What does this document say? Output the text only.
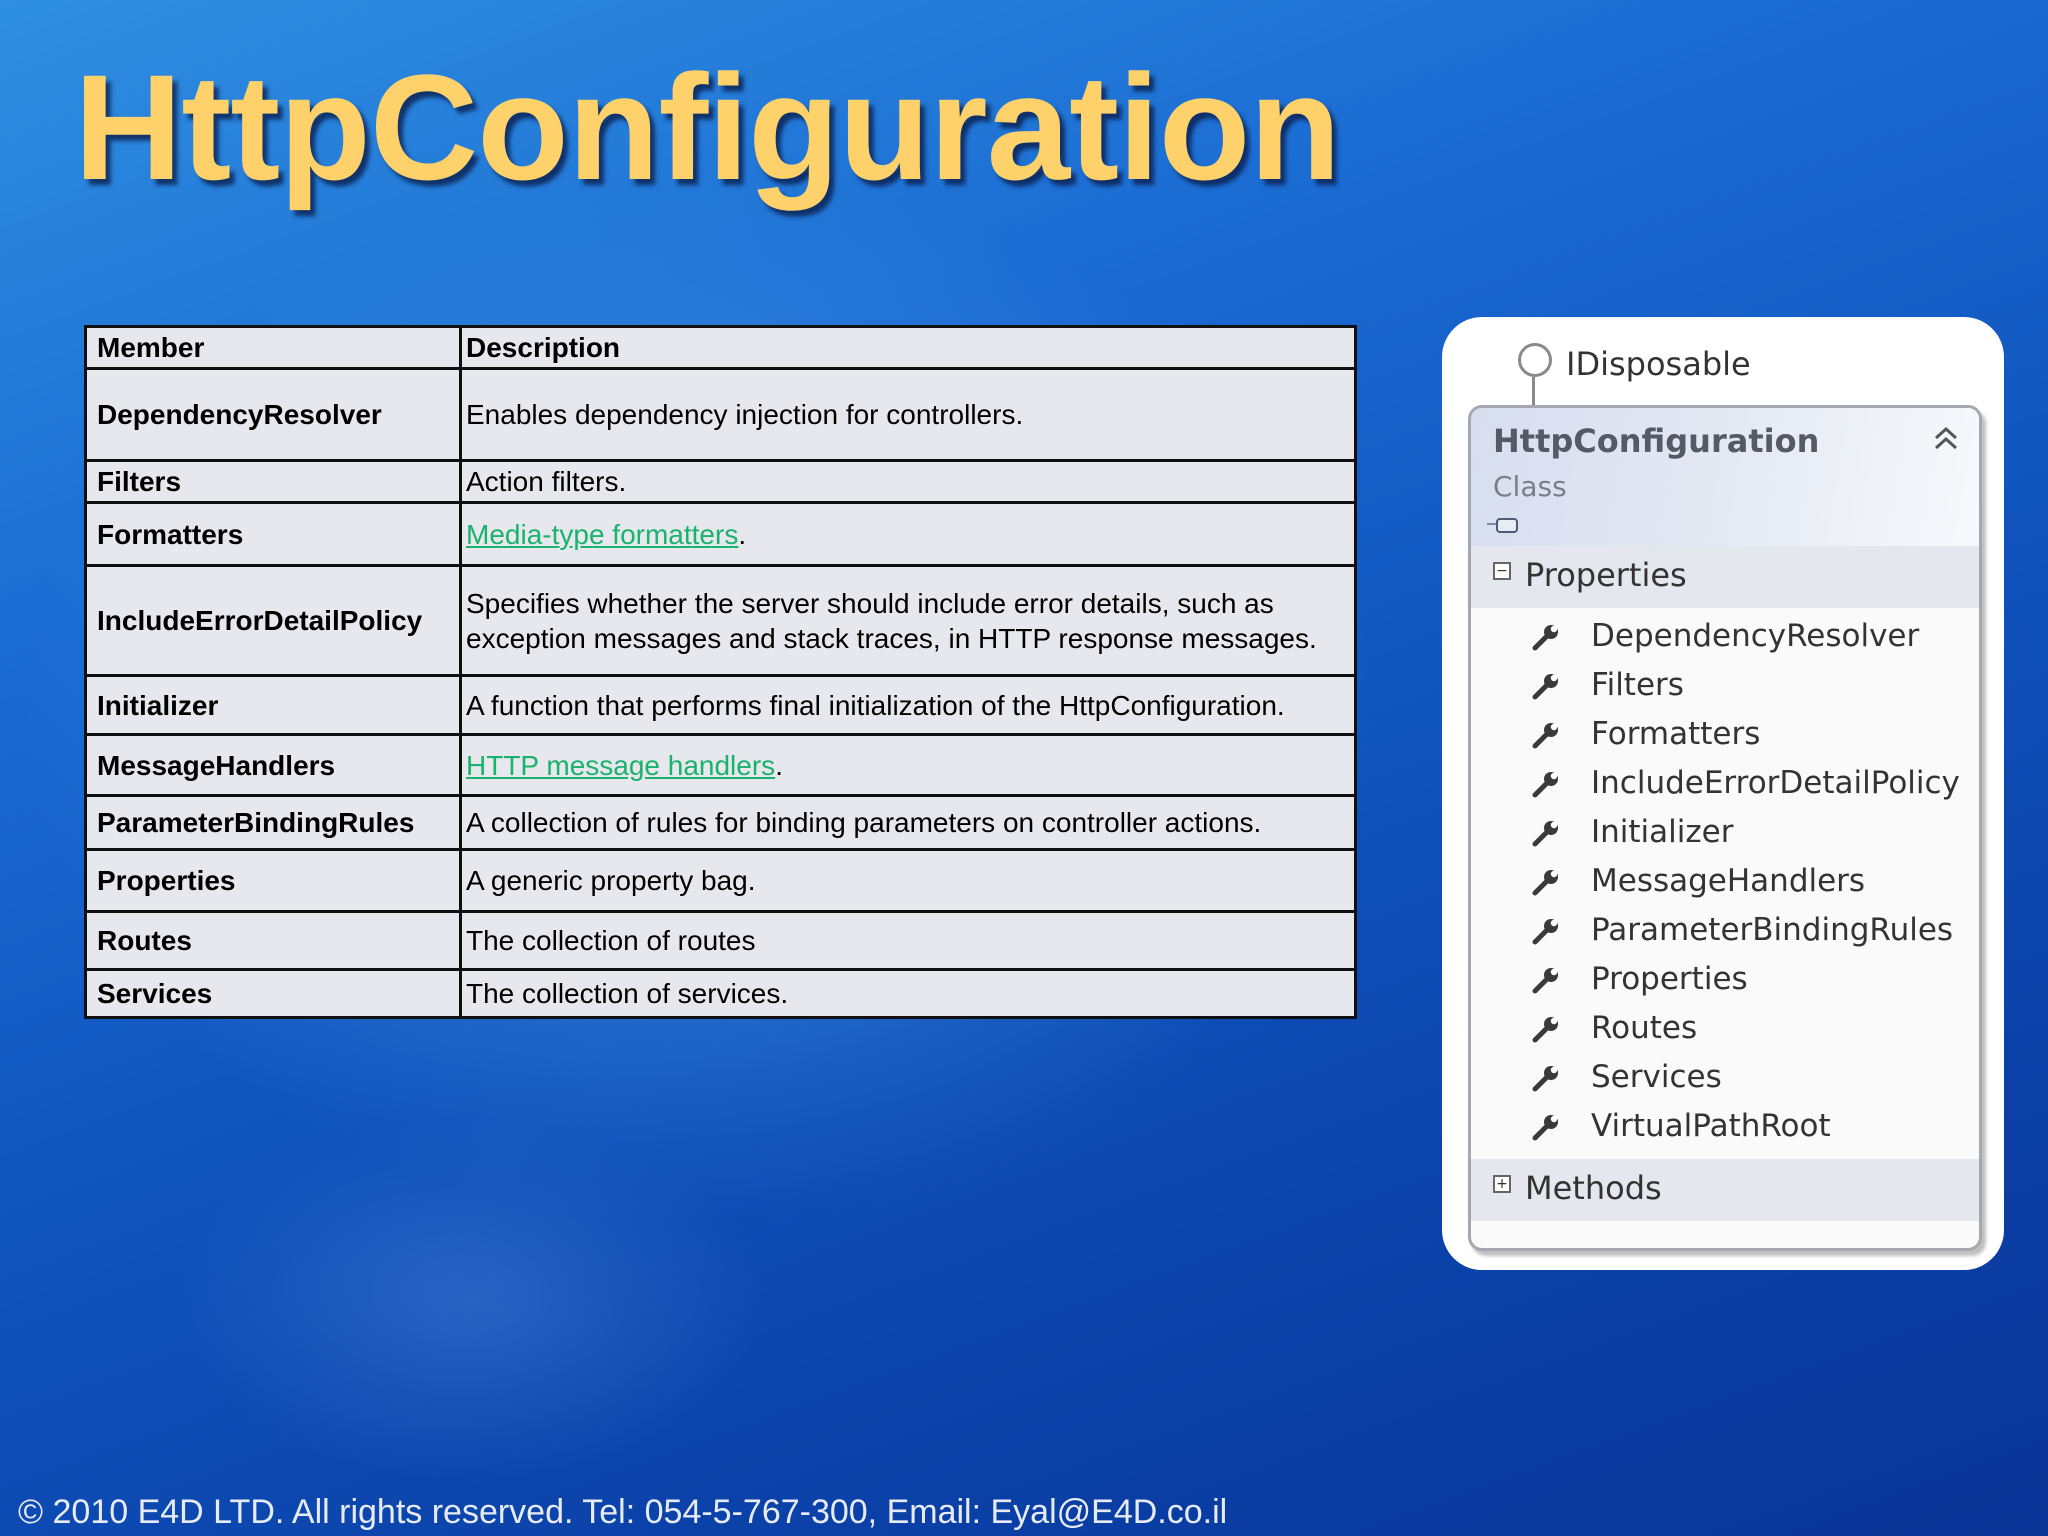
HttpConfiguration
Member	Description
DependencyResolver	Enables dependency injection for controllers.
Filters	Action filters.
Formatters	Media-type formatters.
IncludeErrorDetailPolicy	Specifies whether the server should include error details, such as exception messages and stack traces, in HTTP response messages.
Initializer	A function that performs final initialization of the HttpConfiguration.
MessageHandlers	HTTP message handlers.
ParameterBindingRules	A collection of rules for binding parameters on controller actions.
Properties	A generic property bag.
Routes	The collection of routes
Services	The collection of services.
IDisposable
HttpConfiguration
Class
− Properties
DependencyResolver
Filters
Formatters
IncludeErrorDetailPolicy
Initializer
MessageHandlers
ParameterBindingRules
Properties
Routes
Services
VirtualPathRoot
+ Methods
© 2010 E4D LTD. All rights reserved. Tel: 054-5-767-300, Email: Eyal@E4D.co.il
